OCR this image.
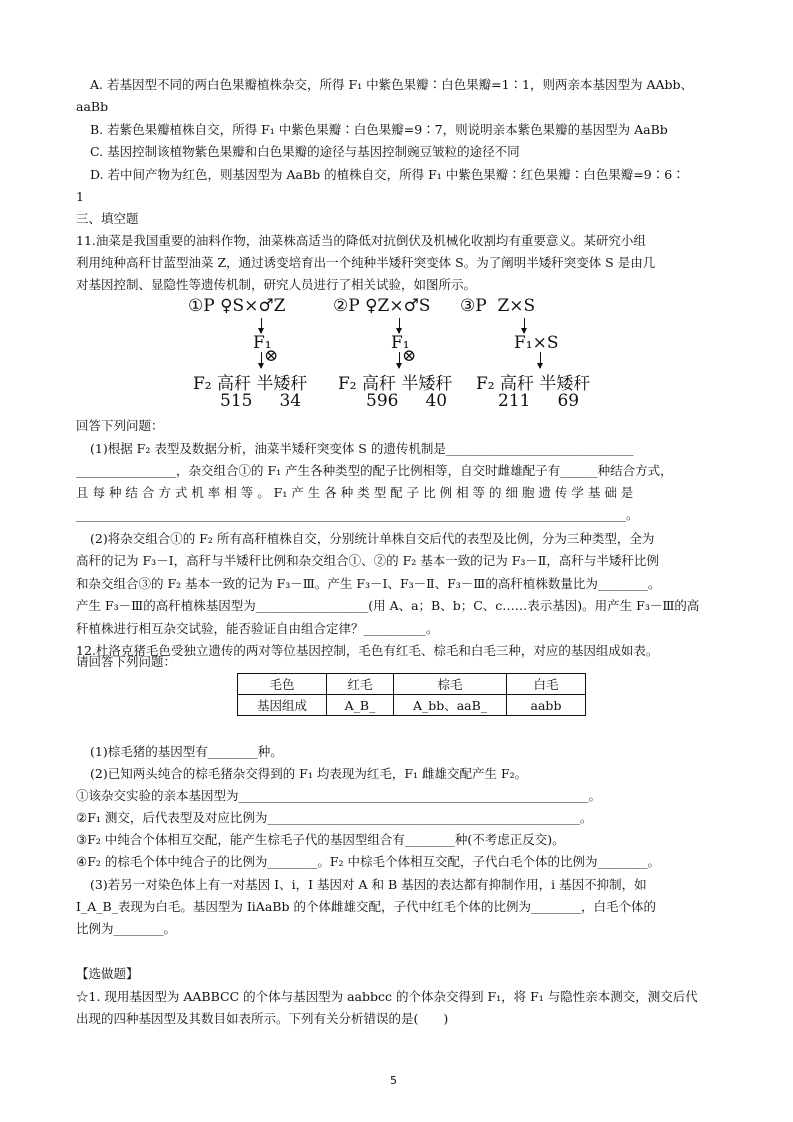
A. 若基因型不同的两白色果瓣植株杂交，所得 F₁ 中紫色果瓣∶白色果瓣=1∶1，则两亲本基因型为 AAbb、
aaBb
B. 若紫色果瓣植株自交，所得 F₁ 中紫色果瓣∶白色果瓣=9∶7，则说明亲本紫色果瓣的基因型为 AaBb
C. 基因控制该植物紫色果瓣和白色果瓣的途径与基因控制豌豆皱粒的途径不同
D. 若中间产物为红色，则基因型为 AaBb 的植株自交，所得 F₁ 中紫色果瓣∶红色果瓣∶白色果瓣=9∶6∶
1
三、填空题
11.油菜是我国重要的油料作物，油菜株高适当的降低对抗倒伏及机械化收割均有重要意义。某研究小组
利用纯种高秆甘蓝型油菜 Z，通过诱变培育出一个纯种半矮秆突变体 S。为了阐明半矮秆突变体 S 是由几
对基因控制、显隐性等遗传机制，研究人员进行了相关试验，如图所示。
①P ♀S×♂Z
F₁
⊗
F₂ 高秆 半矮秆
515     34
②P ♀Z×♂S
F₁
⊗
F₂ 高秆 半矮秆
596     40
③P  Z×S
F₁×S
F₂ 高秆 半矮秆
211     69
回答下列问题：
(1)根据 F₂ 表型及数据分析，油菜半矮秆突变体 S 的遗传机制是______________________________
________________，杂交组合①的 F₁ 产生各种类型的配子比例相等，自交时雌雄配子有______种结合方式，
且 每 种 结 合 方 式 机 率 相 等 。 F₁ 产 生 各 种 类 型 配 子 比 例 相 等 的 细 胞 遗 传 学 基 础 是
________________________________________________________________________________________。
(2)将杂交组合①的 F₂ 所有高秆植株自交，分别统计单株自交后代的表型及比例，分为三种类型，全为
高秆的记为 F₃－Ⅰ，高秆与半矮秆比例和杂交组合①、②的 F₂ 基本一致的记为 F₃－Ⅱ，高秆与半矮秆比例
和杂交组合③的 F₂ 基本一致的记为 F₃－Ⅲ。产生 F₃－Ⅰ、F₃－Ⅱ、F₃－Ⅲ的高秆植株数量比为________。
产生 F₃－Ⅲ的高秆植株基因型为__________________(用 A、a；B、b；C、c……表示基因)。用产生 F₃－Ⅲ的高
秆植株进行相互杂交试验，能否验证自由组合定律？__________。
12.杜洛克猪毛色受独立遗传的两对等位基因控制，毛色有红毛、棕毛和白毛三种，对应的基因组成如表。
请回答下列问题：
毛色	红毛	棕毛	白毛
基因组成	A_B_	A_bb、aaB_	aabb
(1)棕毛猪的基因型有________种。
(2)已知两头纯合的棕毛猪杂交得到的 F₁ 均表现为红毛，F₁ 雌雄交配产生 F₂。
①该杂交实验的亲本基因型为________________________________________________________。
②F₁ 测交，后代表型及对应比例为__________________________________________________。
③F₂ 中纯合个体相互交配，能产生棕毛子代的基因型组合有________种(不考虑正反交)。
④F₂ 的棕毛个体中纯合子的比例为________。F₂ 中棕毛个体相互交配，子代白毛个体的比例为________。
(3)若另一对染色体上有一对基因 I、i，I 基因对 A 和 B 基因的表达都有抑制作用，i 基因不抑制，如
I_A_B_表现为白毛。基因型为 IiAaBb 的个体雌雄交配，子代中红毛个体的比例为________，白毛个体的
比例为________。
【选做题】
☆1. 现用基因型为 AABBCC 的个体与基因型为 aabbcc 的个体杂交得到 F₁，将 F₁ 与隐性亲本测交，测交后代
出现的四种基因型及其数目如表所示。下列有关分析错误的是(　　)
5
